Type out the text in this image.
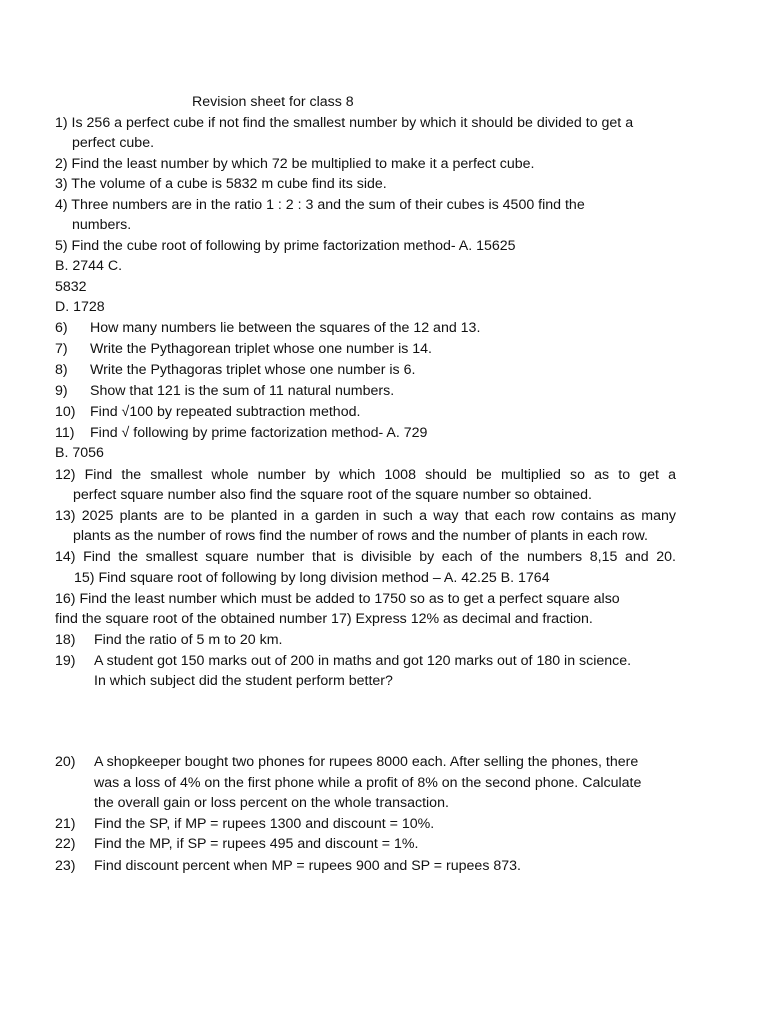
Revision sheet for class 8
1) Is 256 a perfect cube if not find the smallest number by which it should be divided to get a
perfect cube.
2) Find the least number by which 72 be multiplied to make it a perfect cube.
3) The volume of a cube is 5832 m cube find its side.
4) Three numbers are in the ratio 1 : 2 : 3 and the sum of their cubes is 4500 find the
numbers.
5) Find the cube root of following by prime factorization method- A. 15625
B. 2744 C.
5832
D. 1728
6) How many numbers lie between the squares of the 12 and 13.
7) Write the Pythagorean triplet whose one number is 14.
8) Write the Pythagoras triplet whose one number is 6.
9) Show that 121 is the sum of 11 natural numbers.
10) Find √100 by repeated subtraction method.
11) Find √ following by prime factorization method- A. 729
B. 7056
12) Find the smallest whole number by which 1008 should be multiplied so as to get a
perfect square number also find the square root of the square number so obtained.
13) 2025 plants are to be planted in a garden in such a way that each row contains as many
plants as the number of rows find the number of rows and the number of plants in each row.
14) Find the smallest square number that is divisible by each of the numbers 8,15 and 20.
15) Find square root of following by long division method – A. 42.25 B. 1764
16) Find the least number which must be added to 1750 so as to get a perfect square also
find the square root of the obtained number 17) Express 12% as decimal and fraction.
18) Find the ratio of 5 m to 20 km.
19) A student got 150 marks out of 200 in maths and got 120 marks out of 180 in science.
In which subject did the student perform better?
20) A shopkeeper bought two phones for rupees 8000 each. After selling the phones, there
was a loss of 4% on the first phone while a profit of 8% on the second phone. Calculate
the overall gain or loss percent on the whole transaction.
21) Find the SP, if MP = rupees 1300 and discount = 10%.
22) Find the MP, if SP = rupees 495 and discount = 1%.
23) Find discount percent when MP = rupees 900 and SP = rupees 873.
